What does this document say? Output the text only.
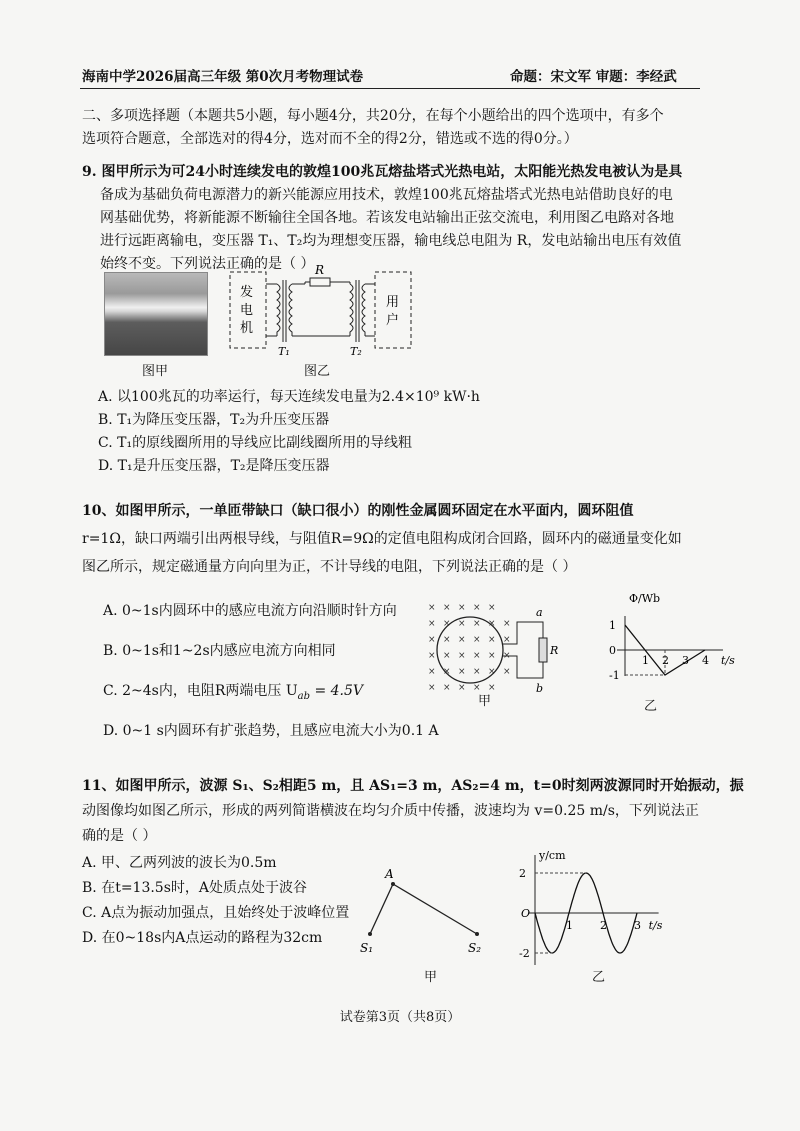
海南中学2026届高三年级 第0次月考物理试卷	命题：宋文军 审题：李经武
二、多项选择题（本题共5小题，每小题4分，共20分，在每个小题给出的四个选项中，有多个
选项符合题意，全部选对的得4分，选对而不全的得2分，错选或不选的得0分。）
9. 图甲所示为可24小时连续发电的敦煌100兆瓦熔盐塔式光热电站，太阳能光热发电被认为是具
备成为基础负荷电源潜力的新兴能源应用技术，敦煌100兆瓦熔盐塔式光热电站借助良好的电
网基础优势，将新能源不断输往全国各地。若该发电站输出正弦交流电，利用图乙电路对各地
进行远距离输电，变压器 T₁、T₂均为理想变压器，输电线总电阻为 R，发电站输出电压有效值
始终不变。下列说法正确的是（ ）
图甲
发
电
机
用
户
R
T₁	T₂
图乙
A. 以100兆瓦的功率运行，每天连续发电量为2.4×10⁹ kW·h
B. T₁为降压变压器，T₂为升压变压器
C. T₁的原线圈所用的导线应比副线圈所用的导线粗
D. T₁是升压变压器，T₂是降压变压器
10、如图甲所示，一单匝带缺口（缺口很小）的刚性金属圆环固定在水平面内，圆环阻值
r=1Ω，缺口两端引出两根导线，与阻值R=9Ω的定值电阻构成闭合回路，圆环内的磁通量变化如
图乙所示，规定磁通量方向向里为正，不计导线的电阻，下列说法正确的是（ ）
A. 0~1s内圆环中的感应电流方向沿顺时针方向
B. 0~1s和1~2s内感应电流方向相同
C. 2~4s内，电阻R两端电压 $U_{ab} = 4.5V$
D. 0~1 s内圆环有扩张趋势，且感应电流大小为0.1 A
× × × × ×
× × × × × ×
× × × × × ×
× × × × × ×
× × × × × ×
× × × × ×
a
b
R
甲
Φ/Wb
t/s
1 2 3 4
1
0
-1
乙
11、如图甲所示，波源 S₁、S₂相距5 m，且 AS₁=3 m，AS₂=4 m，t=0时刻两波源同时开始振动，振
动图像均如图乙所示，形成的两列简谐横波在均匀介质中传播，波速均为 v=0.25 m/s，下列说法正
确的是（ ）
A. 甲、乙两列波的波长为0.5m
B. 在t=13.5s时，A处质点处于波谷
C. A点为振动加强点，且始终处于波峰位置
D. 在0~18s内A点运动的路程为32cm
A
S₁	S₂
甲
y/cm
t/s
O
1 2 3
2
-2
乙
试卷第3页（共8页）
